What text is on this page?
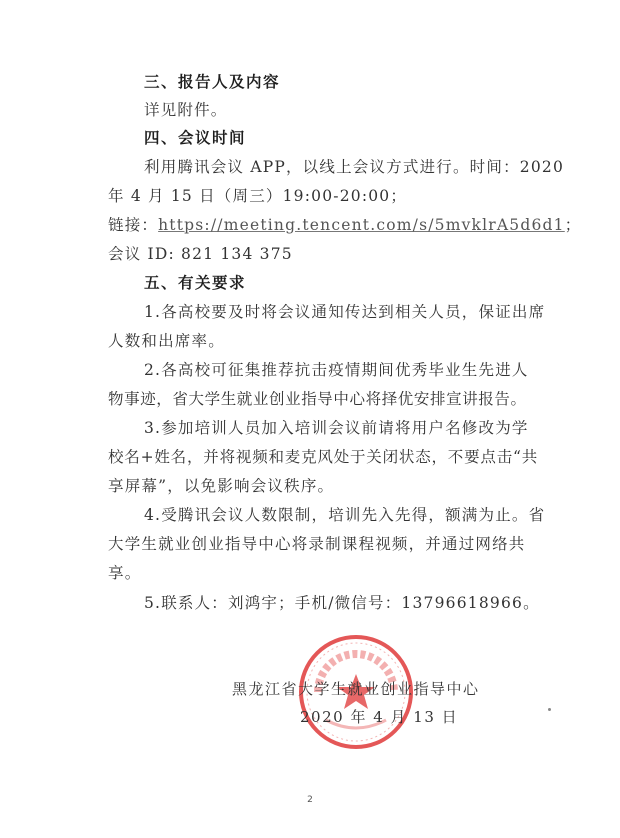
三、报告人及内容
详见附件。
四、会议时间
利用腾讯会议 APP，以线上会议方式进行。时间：2020
年 4 月 15 日（周三）19:00-20:00；
链接：https://meeting.tencent.com/s/5mvklrA5d6d1；
会议 ID: 821 134 375
五、有关要求
1.各高校要及时将会议通知传达到相关人员，保证出席
人数和出席率。
2.各高校可征集推荐抗击疫情期间优秀毕业生先进人
物事迹，省大学生就业创业指导中心将择优安排宣讲报告。
3.参加培训人员加入培训会议前请将用户名修改为学
校名+姓名，并将视频和麦克风处于关闭状态，不要点击“共
享屏幕”，以免影响会议秩序。
4.受腾讯会议人数限制，培训先入先得，额满为止。省
大学生就业创业指导中心将录制课程视频，并通过网络共
享。
5.联系人：刘鸿宇；手机/微信号：13796618966。
黑龙江省大学生就业创业指导中心
2020 年 4 月 13 日
2
